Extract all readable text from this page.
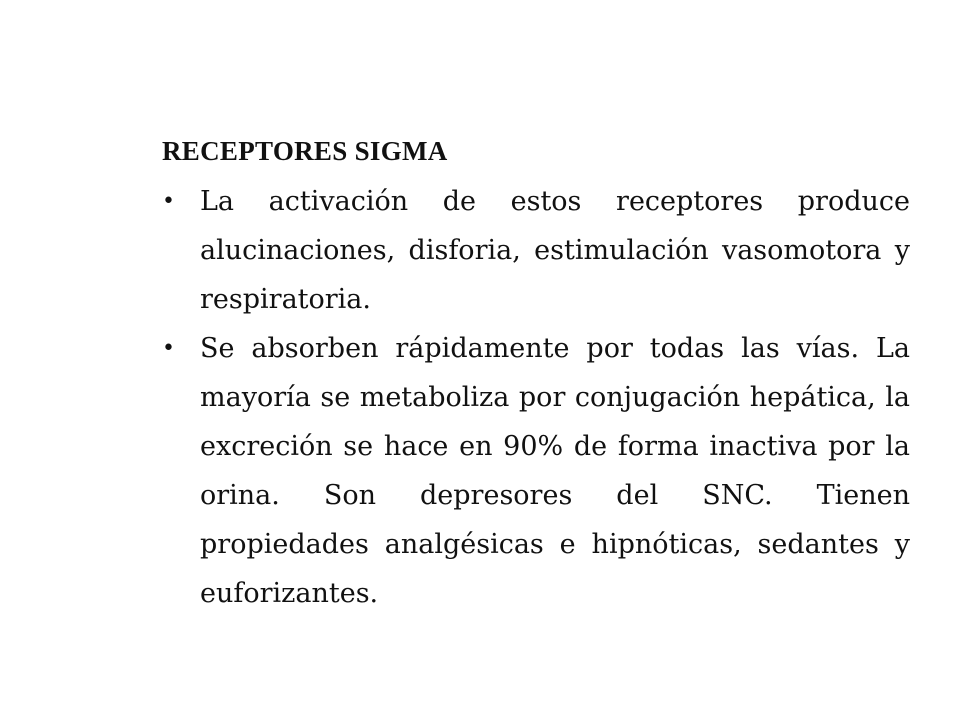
RECEPTORES SIGMA
• La activación de estos receptores produce alucinaciones, disforia, estimulación vasomotora y respiratoria.
• Se absorben rápidamente por todas las vías. La mayoría se metaboliza por conjugación hepática, la excreción se hace en 90% de forma inactiva por la orina. Son depresores del SNC. Tienen propiedades analgésicas e hipnóticas, sedantes y euforizantes.
